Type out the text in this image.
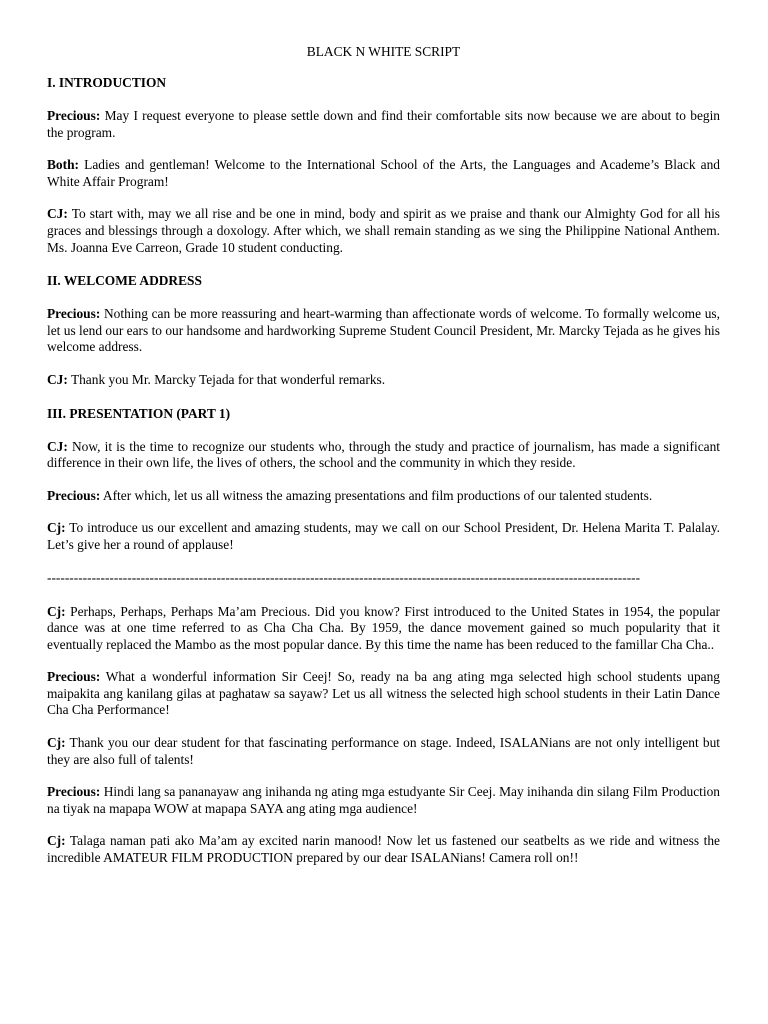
BLACK N WHITE SCRIPT
I. INTRODUCTION

Precious: May I request everyone to please settle down and find their comfortable sits now because we are about to begin the program.

Both: Ladies and gentleman! Welcome to the International School of the Arts, the Languages and Academe’s Black and White Affair Program!

CJ: To start with, may we all rise and be one in mind, body and spirit as we praise and thank our Almighty God for all his graces and blessings through a doxology. After which, we shall remain standing as we sing the Philippine National Anthem. Ms. Joanna Eve Carreon, Grade 10 student conducting.

II. WELCOME ADDRESS

Precious: Nothing can be more reassuring and heart-warming than affectionate words of welcome. To formally welcome us, let us lend our ears to our handsome and hardworking Supreme Student Council President, Mr. Marcky Tejada as he gives his welcome address.

CJ: Thank you Mr. Marcky Tejada for that wonderful remarks.

III. PRESENTATION (PART 1)

CJ: Now, it is the time to recognize our students who, through the study and practice of journalism, has made a significant difference in their own life, the lives of others, the school and the community in which they reside.

Precious: After which, let us all witness the amazing presentations and film productions of our talented students.

Cj: To introduce us our excellent and amazing students, may we call on our School President, Dr. Helena Marita T. Palalay. Let’s give her a round of applause!

-------------------------------------------------------------------------------------------------------------------------------------

Cj: Perhaps, Perhaps, Perhaps Ma’am Precious. Did you know? First introduced to the United States in 1954, the popular dance was at one time referred to as Cha Cha Cha. By 1959, the dance movement gained so much popularity that it eventually replaced the Mambo as the most popular dance. By this time the name has been reduced to the famillar Cha Cha..

Precious: What a wonderful information Sir Ceej! So, ready na ba ang ating mga selected high school students upang maipakita ang kanilang gilas at paghataw sa sayaw? Let us all witness the selected high school students in their Latin Dance Cha Cha Performance!

Cj: Thank you our dear student for that fascinating performance on stage. Indeed, ISALANians are not only intelligent but they are also full of talents!

Precious: Hindi lang sa pananayaw ang inihanda ng ating mga estudyante Sir Ceej. May inihanda din silang Film Production na tiyak na mapapa WOW at mapapa SAYA ang ating mga audience!

Cj: Talaga naman pati ako Ma’am ay excited narin manood! Now let us fastened our seatbelts as we ride and witness the incredible AMATEUR FILM PRODUCTION prepared by our dear ISALANians! Camera roll on!!
